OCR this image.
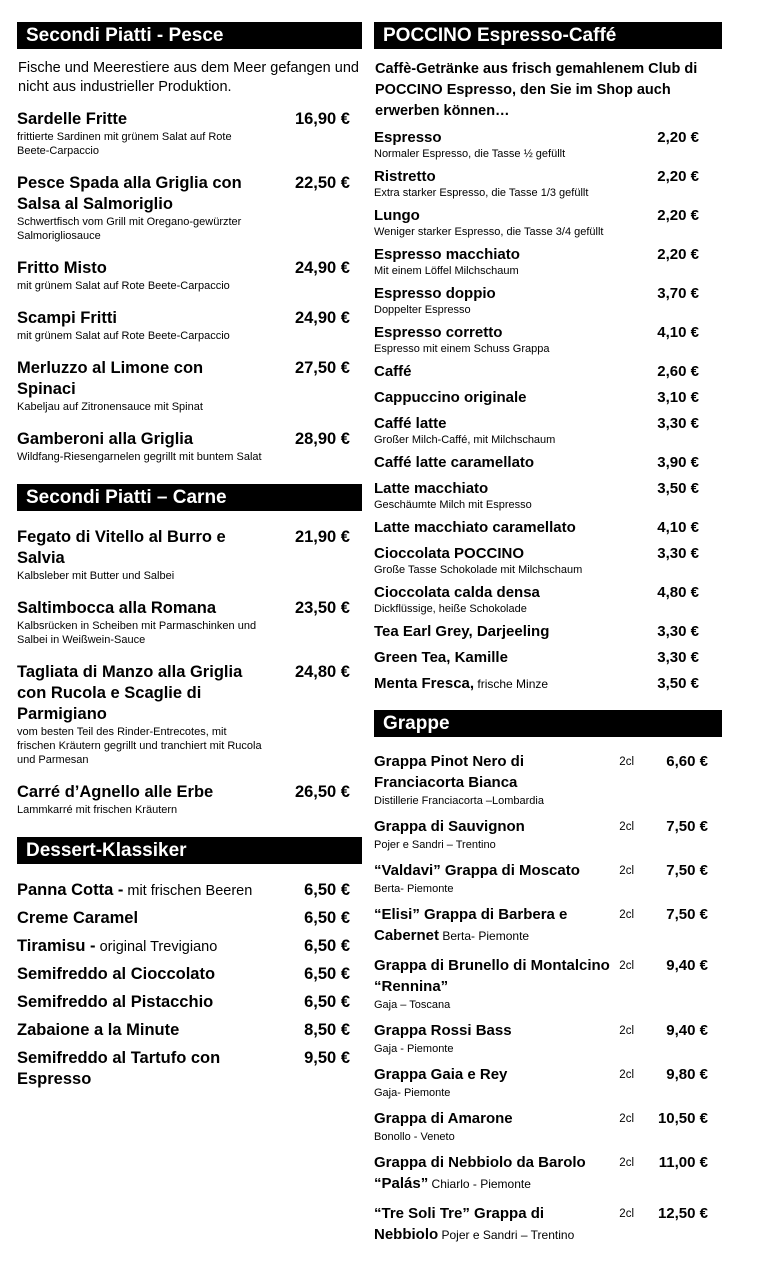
Secondi Piatti - Pesce
Fische und Meerestiere aus dem Meer gefangen und nicht aus industrieller Produktion.
Sardelle Fritte
frittierte Sardinen mit grünem Salat auf Rote Beete-Carpaccio
16,90 €
Pesce Spada alla Griglia con Salsa al Salmoriglio
Schwertfisch vom Grill mit Oregano-gewürzter Salmorigliosauce
22,50 €
Fritto Misto
mit grünem Salat auf Rote Beete-Carpaccio
24,90 €
Scampi Fritti
mit grünem Salat auf Rote Beete-Carpaccio
24,90 €
Merluzzo al Limone con Spinaci
Kabeljau auf Zitronensauce mit Spinat
27,50 €
Gamberoni alla Griglia
Wildfang-Riesengarnelen gegrillt mit buntem Salat
28,90 €
Secondi Piatti – Carne
Fegato di Vitello al Burro e Salvia
Kalbsleber mit Butter und Salbei
21,90 €
Saltimbocca alla Romana
Kalbsrücken in Scheiben mit Parmaschinken und Salbei in Weißwein-Sauce
23,50 €
Tagliata di Manzo alla Griglia con Rucola e Scaglie di Parmigiano
vom besten Teil des Rinder-Entrecotes, mit frischen Kräutern gegrillt und tranchiert mit Rucola und Parmesan
24,80 €
Carré d’Agnello alle Erbe
Lammkarré mit frischen Kräutern
26,50 €
Dessert-Klassiker
Panna Cotta - mit frischen Beeren	6,50 €
Creme Caramel	6,50 €
Tiramisu - original Trevigiano	6,50 €
Semifreddo al Cioccolato	6,50 €
Semifreddo al Pistacchio	6,50 €
Zabaione a la Minute	8,50 €
Semifreddo al Tartufo con Espresso
9,50 €
POCCINO Espresso-Caffé
Caffè-Getränke aus frisch gemahlenem Club di POCCINO Espresso, den Sie im Shop auch erwerben können…
Espresso
Normaler Espresso, die Tasse ½ gefüllt
2,20 €
Ristretto
Extra starker Espresso, die Tasse 1/3 gefüllt
2,20 €
Lungo
Weniger starker Espresso, die Tasse 3/4 gefüllt
2,20 €
Espresso macchiato
Mit einem Löffel Milchschaum
2,20 €
Espresso doppio
Doppelter Espresso
3,70 €
Espresso corretto
Espresso mit einem Schuss Grappa
4,10 €
Caffé	2,60 €
Cappuccino originale	3,10 €
Caffé latte
Großer Milch-Caffé, mit Milchschaum
3,30 €
Caffé latte caramellato	3,90 €
Latte macchiato
Geschäumte Milch mit Espresso
3,50 €
Latte macchiato caramellato	4,10 €
Cioccolata POCCINO
Große Tasse Schokolade mit Milchschaum
3,30 €
Cioccolata calda densa
Dickflüssige, heiße Schokolade
4,80 €
Tea Earl Grey, Darjeeling	3,30 €
Green Tea, Kamille	3,30 €
Menta Fresca, frische Minze	3,50 €
Grappe
Grappa Pinot Nero di Franciacorta Bianca
Distillerie Franciacorta –Lombardia
2cl 6,60 €
Grappa di Sauvignon
Pojer e Sandri – Trentino
2cl 7,50 €
“Valdavi” Grappa di Moscato
Berta- Piemonte
2cl 7,50 €
“Elisi” Grappa di Barbera e Cabernet Berta- Piemonte
2cl 7,50 €
Grappa di Brunello di Montalcino “Rennina”
Gaja – Toscana
2cl 9,40 €
Grappa Rossi Bass
Gaja - Piemonte
2cl 9,40 €
Grappa Gaia e Rey
Gaja- Piemonte
2cl 9,80 €
Grappa di Amarone
Bonollo - Veneto
2cl 10,50 €
Grappa di Nebbiolo da Barolo “Palás” Chiarlo - Piemonte
2cl 11,00 €
“Tre Soli Tre” Grappa di Nebbiolo Pojer e Sandri – Trentino
2cl 12,50 €
